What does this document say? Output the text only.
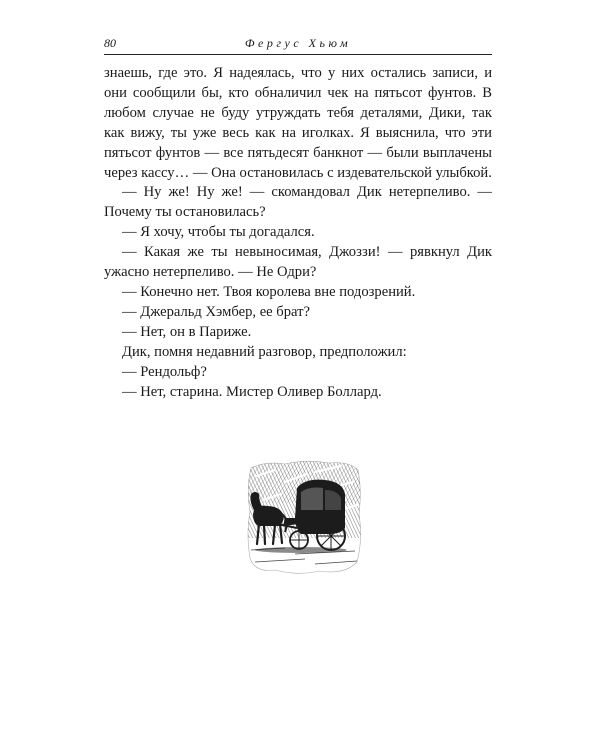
80	Фергус Хьюм

знаешь, где это. Я надеялась, что у них остались записи, и они сообщили бы, кто обналичил чек на пятьсот фунтов. В любом случае не буду утруждать тебя деталями, Дики, так как вижу, ты уже весь как на иголках. Я выяснила, что эти пятьсот фунтов — все пятьдесят банкнот — были выплачены через кассу… — Она остановилась с издевательской улыбкой.

— Ну же! Ну же! — скомандовал Дик нетерпеливо. — Почему ты остановилась?

— Я хочу, чтобы ты догадался.

— Какая же ты невыносимая, Джоззи! — рявкнул Дик ужасно нетерпеливо. — Не Одри?

— Конечно нет. Твоя королева вне подозрений.

— Джеральд Хэмбер, ее брат?

— Нет, он в Париже.

Дик, помня недавний разговор, предположил:

— Рендольф?

— Нет, старина. Мистер Оливер Боллард.
